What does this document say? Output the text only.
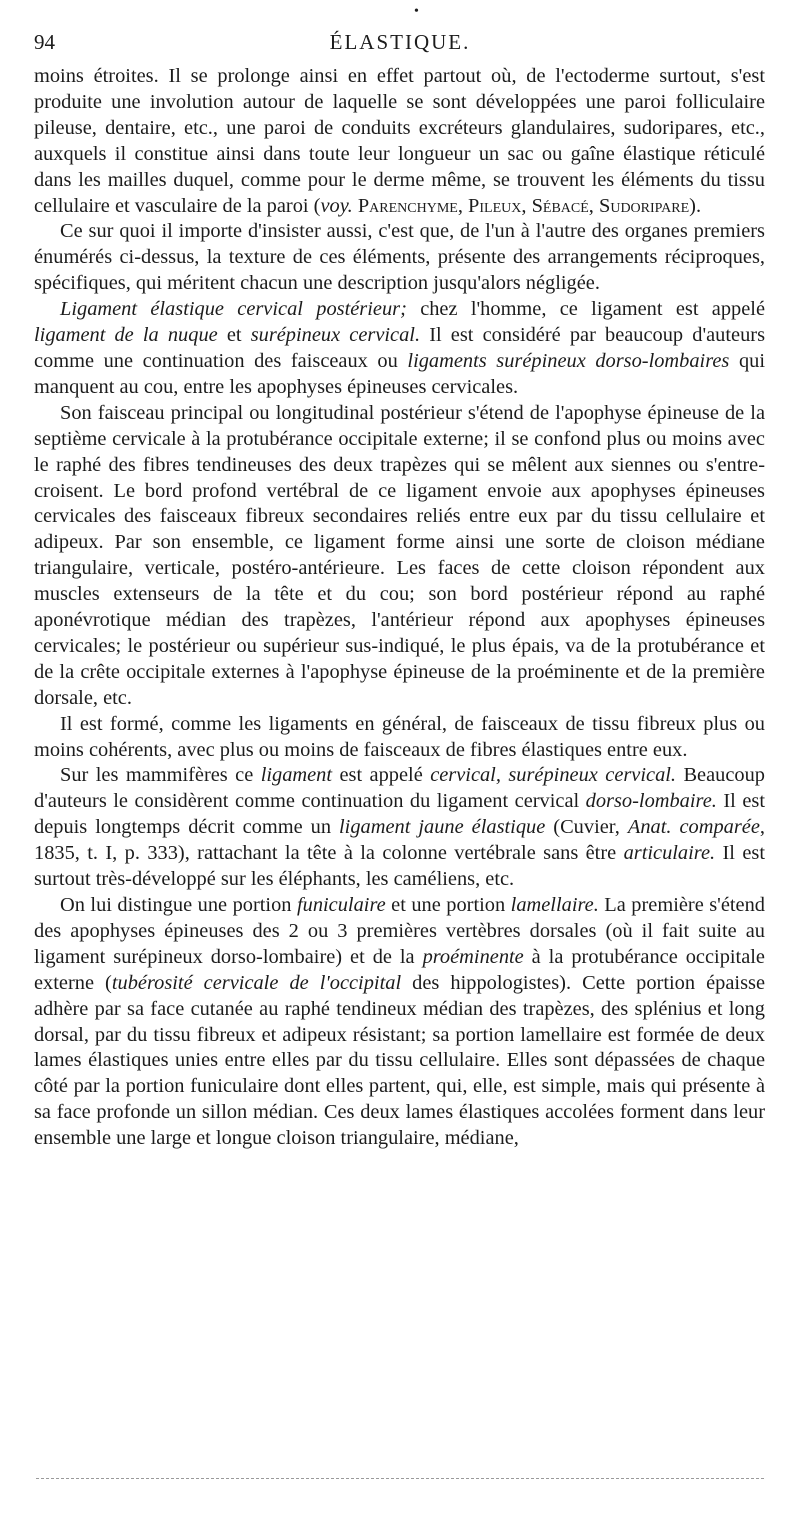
•
94	ÉLASTIQUE.

moins étroites. Il se prolonge ainsi en effet partout où, de l'ectoderme surtout, s'est produite une involution autour de laquelle se sont développées une paroi folliculaire pileuse, dentaire, etc., une paroi de conduits excréteurs glandulaires, sudoripares, etc., auxquels il constitue ainsi dans toute leur longueur un sac ou gaîne élastique réticulé dans les mailles duquel, comme pour le derme même, se trouvent les éléments du tissu cellulaire et vasculaire de la paroi (voy. Parenchyme, Pileux, Sébacé, Sudoripare).

Ce sur quoi il importe d'insister aussi, c'est que, de l'un à l'autre des organes premiers énumérés ci-dessus, la texture de ces éléments, présente des arrangements réciproques, spécifiques, qui méritent chacun une description jusqu'alors négligée.

Ligament élastique cervical postérieur; chez l'homme, ce ligament est appelé ligament de la nuque et surépineux cervical. Il est considéré par beaucoup d'auteurs comme une continuation des faisceaux ou ligaments surépineux dorso-lombaires qui manquent au cou, entre les apophyses épineuses cervicales.

Son faisceau principal ou longitudinal postérieur s'étend de l'apophyse épineuse de la septième cervicale à la protubérance occipitale externe; il se confond plus ou moins avec le raphé des fibres tendineuses des deux trapèzes qui se mêlent aux siennes ou s'entre-croisent. Le bord profond vertébral de ce ligament envoie aux apophyses épineuses cervicales des faisceaux fibreux secondaires reliés entre eux par du tissu cellulaire et adipeux. Par son ensemble, ce ligament forme ainsi une sorte de cloison médiane triangulaire, verticale, postéro-antérieure. Les faces de cette cloison répondent aux muscles extenseurs de la tête et du cou; son bord postérieur répond au raphé aponévrotique médian des trapèzes, l'antérieur répond aux apophyses épineuses cervicales; le postérieur ou supérieur sus-indiqué, le plus épais, va de la protubérance et de la crête occipitale externes à l'apophyse épineuse de la proéminente et de la première dorsale, etc.

Il est formé, comme les ligaments en général, de faisceaux de tissu fibreux plus ou moins cohérents, avec plus ou moins de faisceaux de fibres élastiques entre eux.

Sur les mammifères ce ligament est appelé cervical, surépineux cervical. Beaucoup d'auteurs le considèrent comme continuation du ligament cervical dorso-lombaire. Il est depuis longtemps décrit comme un ligament jaune élastique (Cuvier, Anat. comparée, 1835, t. I, p. 333), rattachant la tête à la colonne vertébrale sans être articulaire. Il est surtout très-développé sur les éléphants, les caméliens, etc.

On lui distingue une portion funiculaire et une portion lamellaire. La première s'étend des apophyses épineuses des 2 ou 3 premières vertèbres dorsales (où il fait suite au ligament surépineux dorso-lombaire) et de la proéminente à la protubérance occipitale externe (tubérosité cervicale de l'occipital des hippologistes). Cette portion épaisse adhère par sa face cutanée au raphé tendineux médian des trapèzes, des splénius et long dorsal, par du tissu fibreux et adipeux résistant; sa portion lamellaire est formée de deux lames élastiques unies entre elles par du tissu cellulaire. Elles sont dépassées de chaque côté par la portion funiculaire dont elles partent, qui, elle, est simple, mais qui présente à sa face profonde un sillon médian. Ces deux lames élastiques accolées forment dans leur ensemble une large et longue cloison triangulaire, médiane,
